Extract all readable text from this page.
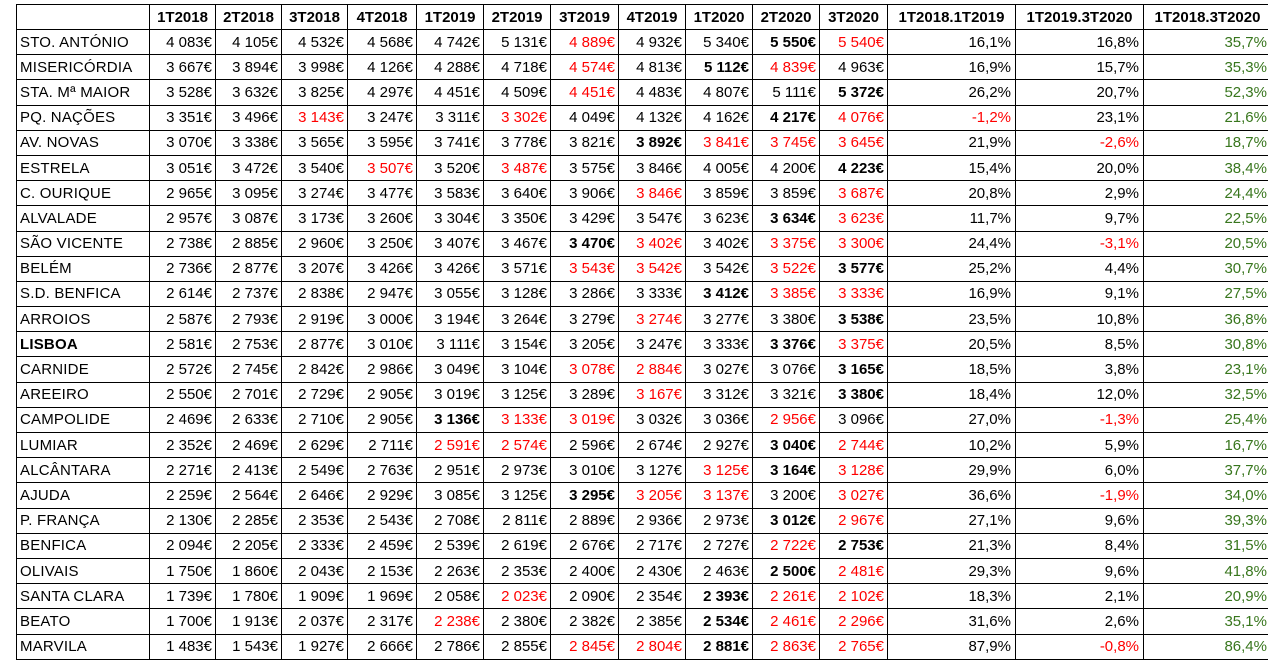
	1T2018	2T2018	3T2018	4T2018	1T2019	2T2019	3T2019	4T2019	1T2020	2T2020	3T2020	1T2018.1T2019	1T2019.3T2020	1T2018.3T2020
STO. ANTÓNIO	4 083€	4 105€	4 532€	4 568€	4 742€	5 131€	4 889€	4 932€	5 340€	5 550€	5 540€	16,1%	16,8%	35,7%
MISERICÓRDIA	3 667€	3 894€	3 998€	4 126€	4 288€	4 718€	4 574€	4 813€	5 112€	4 839€	4 963€	16,9%	15,7%	35,3%
STA. Mª MAIOR	3 528€	3 632€	3 825€	4 297€	4 451€	4 509€	4 451€	4 483€	4 807€	5 111€	5 372€	26,2%	20,7%	52,3%
PQ. NAÇÕES	3 351€	3 496€	3 143€	3 247€	3 311€	3 302€	4 049€	4 132€	4 162€	4 217€	4 076€	-1,2%	23,1%	21,6%
AV. NOVAS	3 070€	3 338€	3 565€	3 595€	3 741€	3 778€	3 821€	3 892€	3 841€	3 745€	3 645€	21,9%	-2,6%	18,7%
ESTRELA	3 051€	3 472€	3 540€	3 507€	3 520€	3 487€	3 575€	3 846€	4 005€	4 200€	4 223€	15,4%	20,0%	38,4%
C. OURIQUE	2 965€	3 095€	3 274€	3 477€	3 583€	3 640€	3 906€	3 846€	3 859€	3 859€	3 687€	20,8%	2,9%	24,4%
ALVALADE	2 957€	3 087€	3 173€	3 260€	3 304€	3 350€	3 429€	3 547€	3 623€	3 634€	3 623€	11,7%	9,7%	22,5%
SÃO VICENTE	2 738€	2 885€	2 960€	3 250€	3 407€	3 467€	3 470€	3 402€	3 402€	3 375€	3 300€	24,4%	-3,1%	20,5%
BELÉM	2 736€	2 877€	3 207€	3 426€	3 426€	3 571€	3 543€	3 542€	3 542€	3 522€	3 577€	25,2%	4,4%	30,7%
S.D. BENFICA	2 614€	2 737€	2 838€	2 947€	3 055€	3 128€	3 286€	3 333€	3 412€	3 385€	3 333€	16,9%	9,1%	27,5%
ARROIOS	2 587€	2 793€	2 919€	3 000€	3 194€	3 264€	3 279€	3 274€	3 277€	3 380€	3 538€	23,5%	10,8%	36,8%
LISBOA	2 581€	2 753€	2 877€	3 010€	3 111€	3 154€	3 205€	3 247€	3 333€	3 376€	3 375€	20,5%	8,5%	30,8%
CARNIDE	2 572€	2 745€	2 842€	2 986€	3 049€	3 104€	3 078€	2 884€	3 027€	3 076€	3 165€	18,5%	3,8%	23,1%
AREEIRO	2 550€	2 701€	2 729€	2 905€	3 019€	3 125€	3 289€	3 167€	3 312€	3 321€	3 380€	18,4%	12,0%	32,5%
CAMPOLIDE	2 469€	2 633€	2 710€	2 905€	3 136€	3 133€	3 019€	3 032€	3 036€	2 956€	3 096€	27,0%	-1,3%	25,4%
LUMIAR	2 352€	2 469€	2 629€	2 711€	2 591€	2 574€	2 596€	2 674€	2 927€	3 040€	2 744€	10,2%	5,9%	16,7%
ALCÂNTARA	2 271€	2 413€	2 549€	2 763€	2 951€	2 973€	3 010€	3 127€	3 125€	3 164€	3 128€	29,9%	6,0%	37,7%
AJUDA	2 259€	2 564€	2 646€	2 929€	3 085€	3 125€	3 295€	3 205€	3 137€	3 200€	3 027€	36,6%	-1,9%	34,0%
P. FRANÇA	2 130€	2 285€	2 353€	2 543€	2 708€	2 811€	2 889€	2 936€	2 973€	3 012€	2 967€	27,1%	9,6%	39,3%
BENFICA	2 094€	2 205€	2 333€	2 459€	2 539€	2 619€	2 676€	2 717€	2 727€	2 722€	2 753€	21,3%	8,4%	31,5%
OLIVAIS	1 750€	1 860€	2 043€	2 153€	2 263€	2 353€	2 400€	2 430€	2 463€	2 500€	2 481€	29,3%	9,6%	41,8%
SANTA CLARA	1 739€	1 780€	1 909€	1 969€	2 058€	2 023€	2 090€	2 354€	2 393€	2 261€	2 102€	18,3%	2,1%	20,9%
BEATO	1 700€	1 913€	2 037€	2 317€	2 238€	2 380€	2 382€	2 385€	2 534€	2 461€	2 296€	31,6%	2,6%	35,1%
MARVILA	1 483€	1 543€	1 927€	2 666€	2 786€	2 855€	2 845€	2 804€	2 881€	2 863€	2 765€	87,9%	-0,8%	86,4%
